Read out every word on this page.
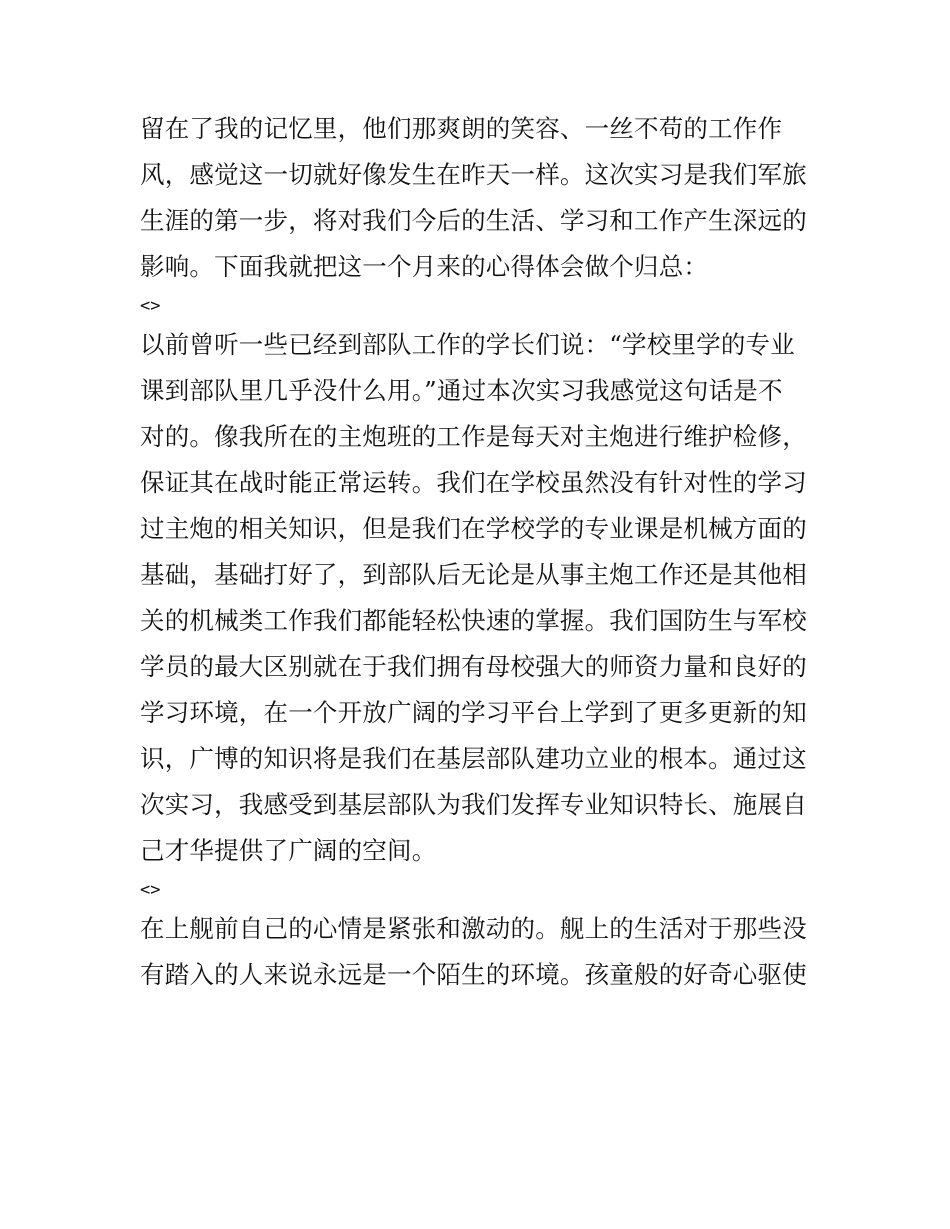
留在了我的记忆里，他们那爽朗的笑容、一丝不苟的工作作
风，感觉这一切就好像发生在昨天一样。这次实习是我们军旅
生涯的第一步，将对我们今后的生活、学习和工作产生深远的
影响。下面我就把这一个月来的心得体会做个归总：
<>
以前曾听一些已经到部队工作的学长们说：“学校里学的专业
课到部队里几乎没什么用。”通过本次实习我感觉这句话是不
对的。像我所在的主炮班的工作是每天对主炮进行维护检修，
保证其在战时能正常运转。我们在学校虽然没有针对性的学习
过主炮的相关知识，但是我们在学校学的专业课是机械方面的
基础，基础打好了，到部队后无论是从事主炮工作还是其他相
关的机械类工作我们都能轻松快速的掌握。我们国防生与军校
学员的最大区别就在于我们拥有母校强大的师资力量和良好的
学习环境，在一个开放广阔的学习平台上学到了更多更新的知
识，广博的知识将是我们在基层部队建功立业的根本。通过这
次实习，我感受到基层部队为我们发挥专业知识特长、施展自
己才华提供了广阔的空间。
<>
在上舰前自己的心情是紧张和激动的。舰上的生活对于那些没
有踏入的人来说永远是一个陌生的环境。孩童般的好奇心驱使
